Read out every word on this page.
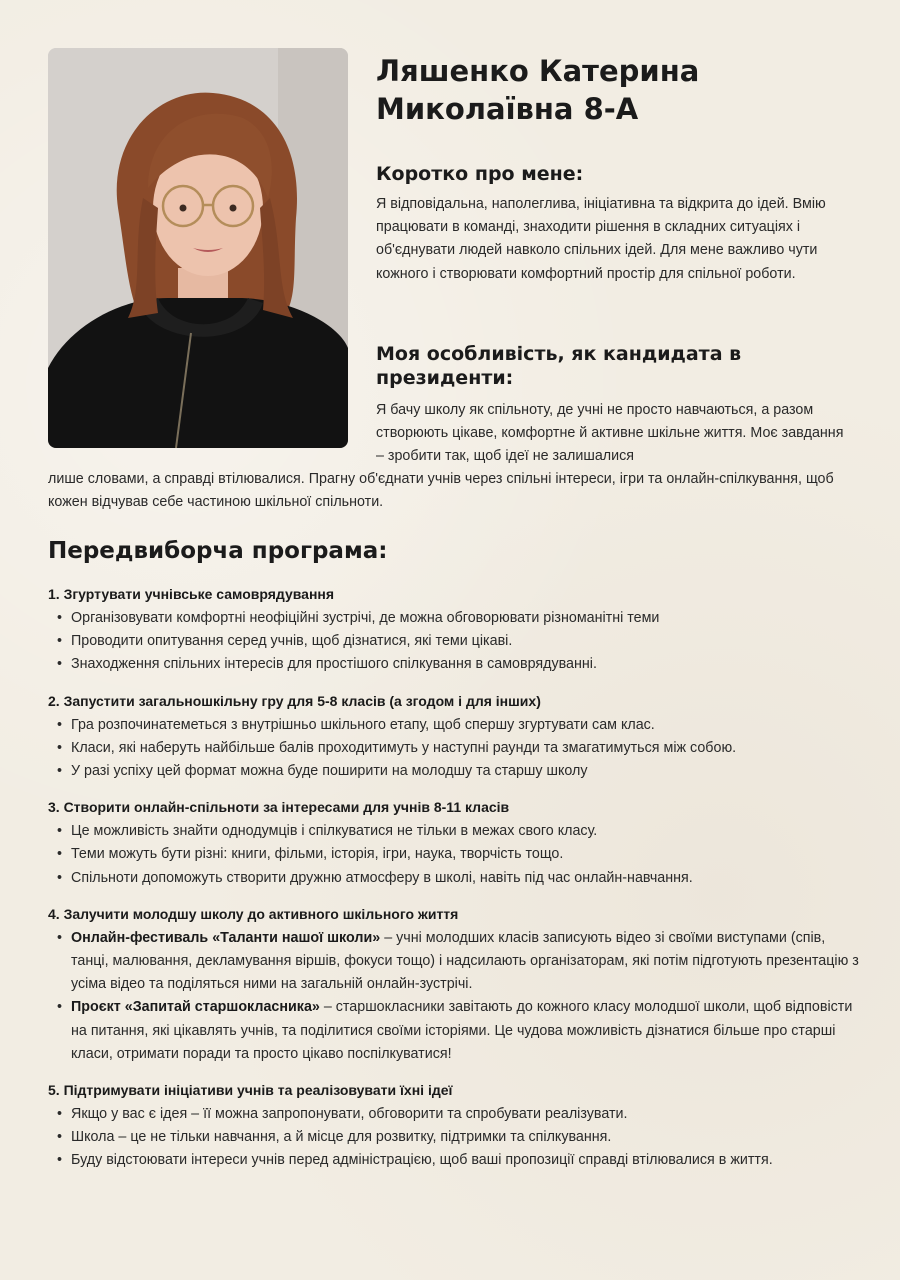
Ляшенко Катерина
Миколаївна 8-А
Коротко про мене:
Я відповідальна, наполеглива, ініціативна та відкрита до ідей. Вмію працювати в команді, знаходити рішення в складних ситуаціях і об'єднувати людей навколо спільних ідей. Для мене важливо чути кожного і створювати комфортний простір для спільної роботи.
Моя особливість, як кандидата в президенти:
Я бачу школу як спільноту, де учні не просто навчаються, а разом створюють цікаве, комфортне й активне шкільне життя. Моє завдання – зробити так, щоб ідеї не залишалися
лише словами, а справді втілювалися. Прагну об'єднати учнів через спільні інтереси, ігри та онлайн-спілкування, щоб кожен відчував себе частиною шкільної спільноти.
Передвиборча програма:
1. Згуртувати учнівське самоврядування
• Організовувати комфортні неофіційні зустрічі, де можна обговорювати різноманітні теми
• Проводити опитування серед учнів, щоб дізнатися, які теми цікаві.
• Знаходження спільних інтересів для простішого спілкування в самоврядуванні.
2. Запустити загальношкільну гру для 5-8 класів (а згодом і для інших)
• Гра розпочинатеметься з внутрішньо шкільного етапу, щоб спершу згуртувати сам клас.
• Класи, які наберуть найбільше балів проходитимуть у наступні раунди та змагатимуться між собою.
• У разі успіху цей формат можна буде поширити на молодшу та старшу школу
3. Створити онлайн-спільноти за інтересами для учнів 8-11 класів
• Це можливість знайти однодумців і спілкуватися не тільки в межах свого класу.
• Теми можуть бути різні: книги, фільми, історія, ігри, наука, творчість тощо.
• Спільноти допоможуть створити дружню атмосферу в школі, навіть під час онлайн-навчання.
4. Залучити молодшу школу до активного шкільного життя
• Онлайн-фестиваль «Таланти нашої школи» – учні молодших класів записують відео зі своїми виступами (спів, танці, малювання, декламування віршів, фокуси тощо) і надсилають організаторам, які потім підготують презентацію з усіма відео та поділяться ними на загальній онлайн-зустрічі.
• Проєкт «Запитай старшокласника» – старшокласники завітають до кожного класу молодшої школи, щоб відповісти на питання, які цікавлять учнів, та поділитися своїми історіями. Це чудова можливість дізнатися більше про старші класи, отримати поради та просто цікаво поспілкуватися!
5. Підтримувати ініціативи учнів та реалізовувати їхні ідеї
• Якщо у вас є ідея – її можна запропонувати, обговорити та спробувати реалізувати.
• Школа – це не тільки навчання, а й місце для розвитку, підтримки та спілкування.
• Буду відстоювати інтереси учнів перед адміністрацією, щоб ваші пропозиції справді втілювалися в життя.
